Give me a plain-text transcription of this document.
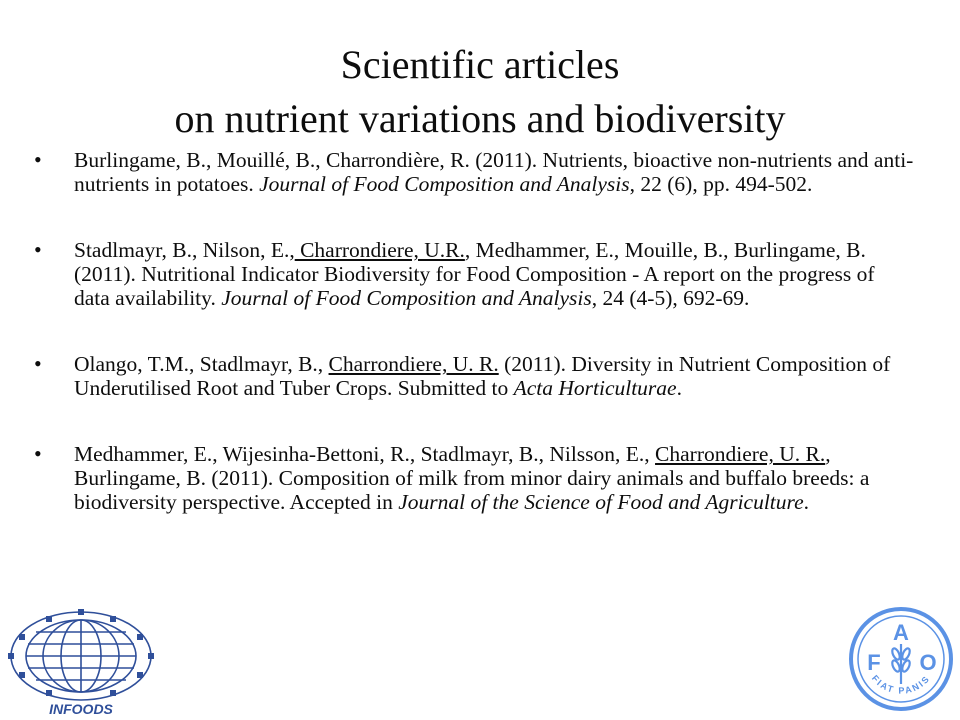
Scientific articles
on nutrient variations and biodiversity
• Burlingame, B., Mouillé, B., Charrondière, R. (2011). Nutrients, bioactive non-nutrients and anti-nutrients in potatoes. Journal of Food Composition and Analysis, 22 (6), pp. 494-502.
• Stadlmayr, B., Nilson, E., Charrondiere, U.R., Medhammer, E., Mouille, B., Burlingame, B. (2011). Nutritional Indicator Biodiversity for Food Composition - A report on the progress of data availability. Journal of Food Composition and Analysis, 24 (4-5), 692-69.
• Olango, T.M., Stadlmayr, B., Charrondiere, U. R. (2011). Diversity in Nutrient Composition of Underutilised Root and Tuber Crops. Submitted to Acta Horticulturae.
• Medhammer, E., Wijesinha-Bettoni, R., Stadlmayr, B., Nilsson, E., Charrondiere, U. R., Burlingame, B. (2011). Composition of milk from minor dairy animals and buffalo breeds: a biodiversity perspective. Accepted in Journal of the Science of Food and Agriculture.
INFOODS
F
A
O
FIAT PANIS
